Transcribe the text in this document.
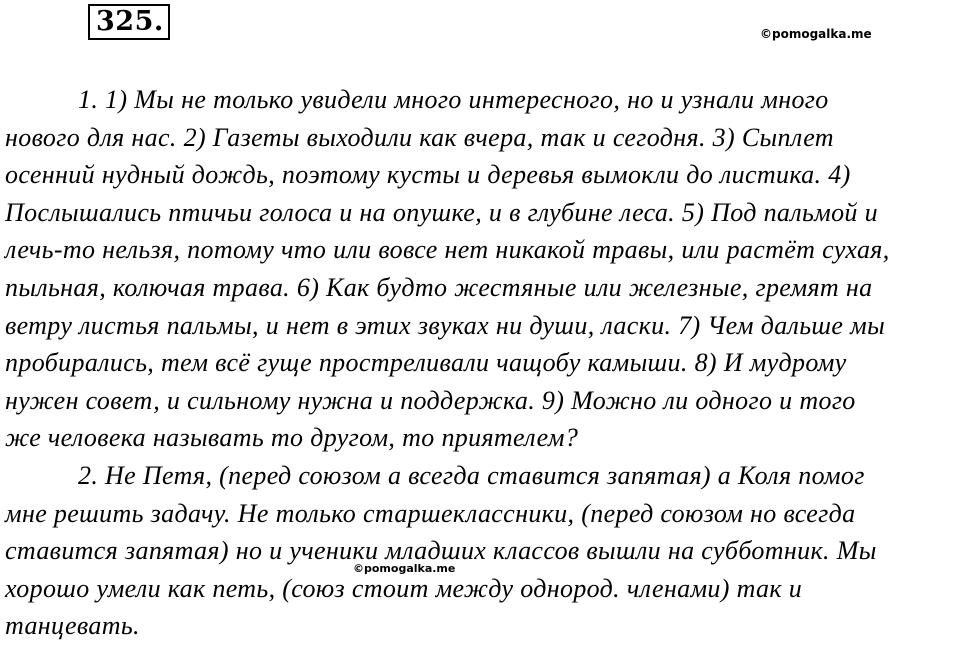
325.	©pomogalka.me
1. 1) Мы не только увидели много интересного, но и узнали много
нового для нас. 2) Газеты выходили как вчера, так и сегодня. 3) Сыплет
осенний нудный дождь, поэтому кусты и деревья вымокли до листика. 4)
Послышались птичьи голоса и на опушке, и в глубине леса. 5) Под пальмой и
лечь-то нельзя, потому что или вовсе нет никакой травы, или растёт сухая,
пыльная, колючая трава. 6) Как будто жестяные или железные, гремят на
ветру листья пальмы, и нет в этих звуках ни души, ласки. 7) Чем дальше мы
пробирались, тем всё гуще простреливали чащобу камыши. 8) И мудрому
нужен совет, и сильному нужна и поддержка. 9) Можно ли одного и того
же человека называть то другом, то приятелем?
2. Не Петя, (перед союзом а всегда ставится запятая) а Коля помог
мне решить задачу. Не только старшеклассники, (перед союзом но всегда
ставится запятая) но и ученики младших классов вышли на субботник. Мы
хорошо умели как петь, (союз стоит между однород. членами) так и
танцевать.
©pomogalka.me
